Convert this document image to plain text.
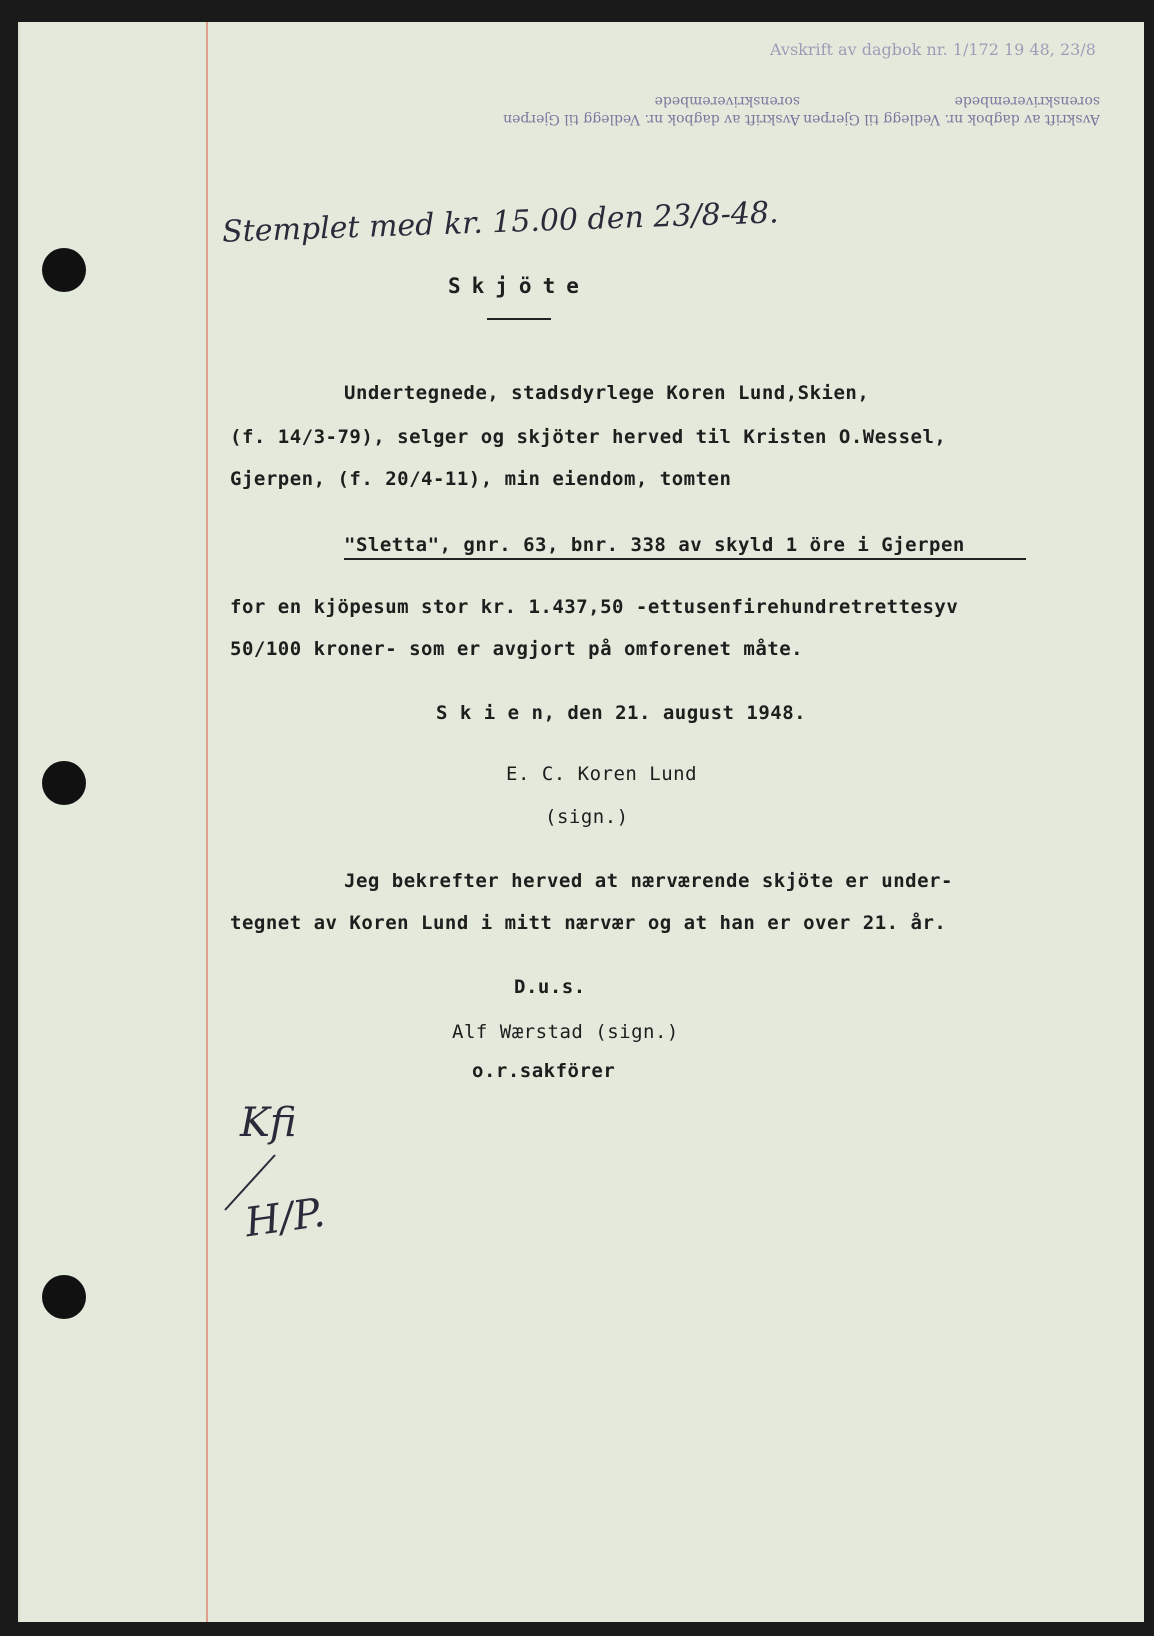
Avskrift av dagbok nr. 1/172 19 48, 23/8
Avskrift av dagbok nr. Vedlegg til Gjerpen sorenskriverembede
Avskrift av dagbok nr. Vedlegg til Gjerpen sorenskriverembede
Stemplet med kr. 15.00 den 23/8-48.
Skjöte
Undertegnede, stadsdyrlege Koren Lund,Skien,
(f. 14/3-79), selger og skjöter herved til Kristen O.Wessel,
Gjerpen, (f. 20/4-11), min eiendom, tomten
"Sletta", gnr. 63, bnr. 338 av skyld 1 öre i Gjerpen
for en kjöpesum stor kr. 1.437,50 -ettusenfirehundretrettesyv
50/100 kroner- som er avgjort på omforenet måte.
S k i e n, den 21. august 1948.
E. C. Koren Lund
(sign.)
Jeg bekrefter herved at nærværende skjöte er under-
tegnet av Koren Lund i mitt nærvær og at han er over 21. år.
D.u.s.
Alf Wærstad (sign.)
o.r.sakförer
Kfi
H/P.
